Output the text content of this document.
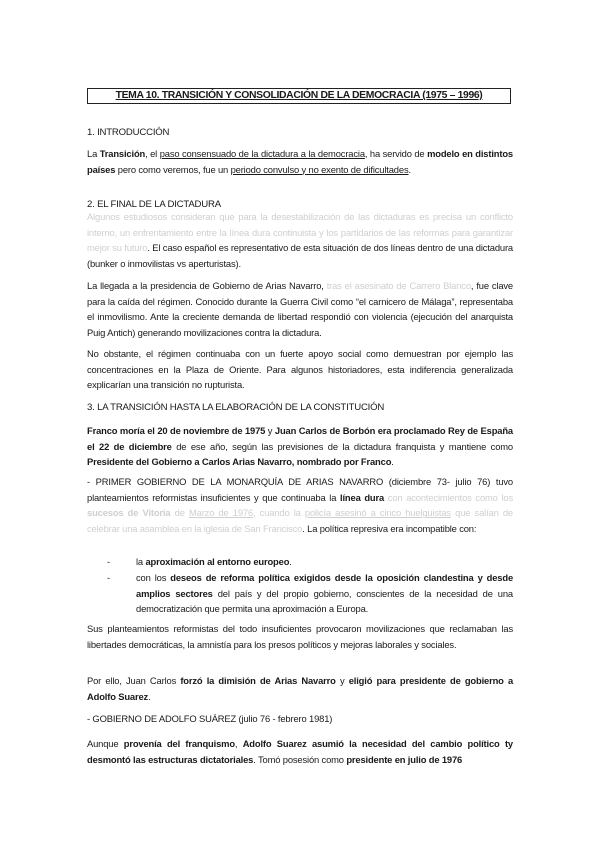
TEMA 10. TRANSICIÓN Y CONSOLIDACIÓN DE LA DEMOCRACIA (1975 – 1996)
1. INTRODUCCIÓN
La Transición, el paso consensuado de la dictadura a la democracia, ha servido de modelo en distintos países pero como veremos, fue un periodo convulso y no exento de dificultades.
2. EL FINAL DE LA DICTADURA
Algunos estudiosos consideran que para la desestabilización de las dictaduras es precisa un conflicto interno, un enfrentamiento entre la línea dura continuista y los partidarios de las reformas para garantizar mejor su futuro. El caso español es representativo de esta situación de dos líneas dentro de una dictadura (bunker o inmovilistas vs aperturistas).
La llegada a la presidencia de Gobierno de Arias Navarro, tras el asesinato de Carrero Blanco, fue clave para la caída del régimen. Conocido durante la Guerra Civil como “el carnicero de Málaga”, representaba el inmovilismo. Ante la creciente demanda de libertad respondió con violencia (ejecución del anarquista Puig Antich) generando movilizaciones contra la dictadura.
No obstante, el régimen continuaba con un fuerte apoyo social como demuestran por ejemplo las concentraciones en la Plaza de Oriente. Para algunos historiadores, esta indiferencia generalizada explicarían una transición no rupturista.
3. LA TRANSICIÓN HASTA LA ELABORACIÓN DE LA CONSTITUCIÓN
Franco moría el 20 de noviembre de 1975 y Juan Carlos de Borbón era proclamado Rey de España el 22 de diciembre de ese año, según las previsiones de la dictadura franquista y mantiene como Presidente del Gobierno a Carlos Arias Navarro, nombrado por Franco.
- PRIMER GOBIERNO DE LA MONARQUÍA DE ARIAS NAVARRO (diciembre 73- julio 76) tuvo planteamientos reformistas insuficientes y que continuaba la línea dura con acontecimientos como los sucesos de Vitoria de Marzo de 1976, cuando la policía asesinó a cinco huelguistas que salían de celebrar una asamblea en la iglesia de San Francisco. La política represiva era incompatible con:
-	la aproximación al entorno europeo.
-	con los deseos de reforma política exigidos desde la oposición clandestina y desde amplios sectores del país y del propio gobierno, conscientes de la necesidad de una democratización que permita una aproximación a Europa.
Sus planteamientos reformistas del todo insuficientes provocaron movilizaciones que reclamaban las libertades democráticas, la amnistía para los presos políticos y mejoras laborales y sociales.
Por ello, Juan Carlos forzó la dimisión de Arias Navarro y eligió para presidente de gobierno a Adolfo Suarez.
- GOBIERNO DE ADOLFO SUÁREZ (julio 76 - febrero 1981)
Aunque provenía del franquismo, Adolfo Suarez asumió la necesidad del cambio político ty desmontó las estructuras dictatoriales. Tomó posesión como presidente en julio de 1976
